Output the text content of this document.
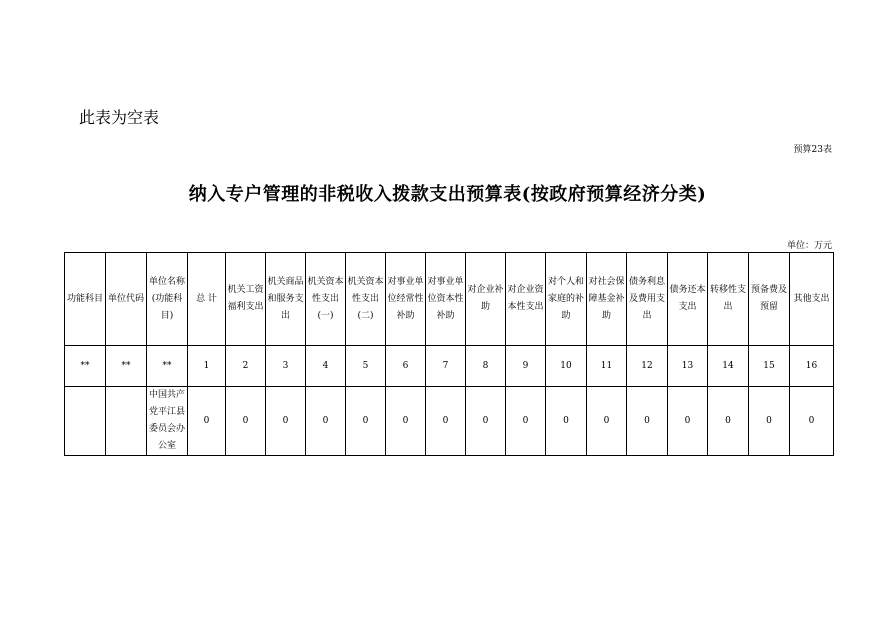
此表为空表
预算23表
纳入专户管理的非税收入拨款支出预算表(按政府预算经济分类)
单位：万元
功能科目	单位代码	单位名称(功能科目)	总 计	机关工资福利支出	机关商品和服务支出	机关资本性支出(一)	机关资本性支出(二)	对事业单位经常性补助	对事业单位资本性补助	对企业补助	对企业资本性支出	对个人和家庭的补助	对社会保障基金补助	债务利息及费用支出	债务还本支出	转移性支出	预备费及预留	其他支出
**	**	**	1	2	3	4	5	6	7	8	9	10	11	12	13	14	15	16
		中国共产党平江县委员会办公室	0	0	0	0	0	0	0	0	0	0	0	0	0	0	0	0
